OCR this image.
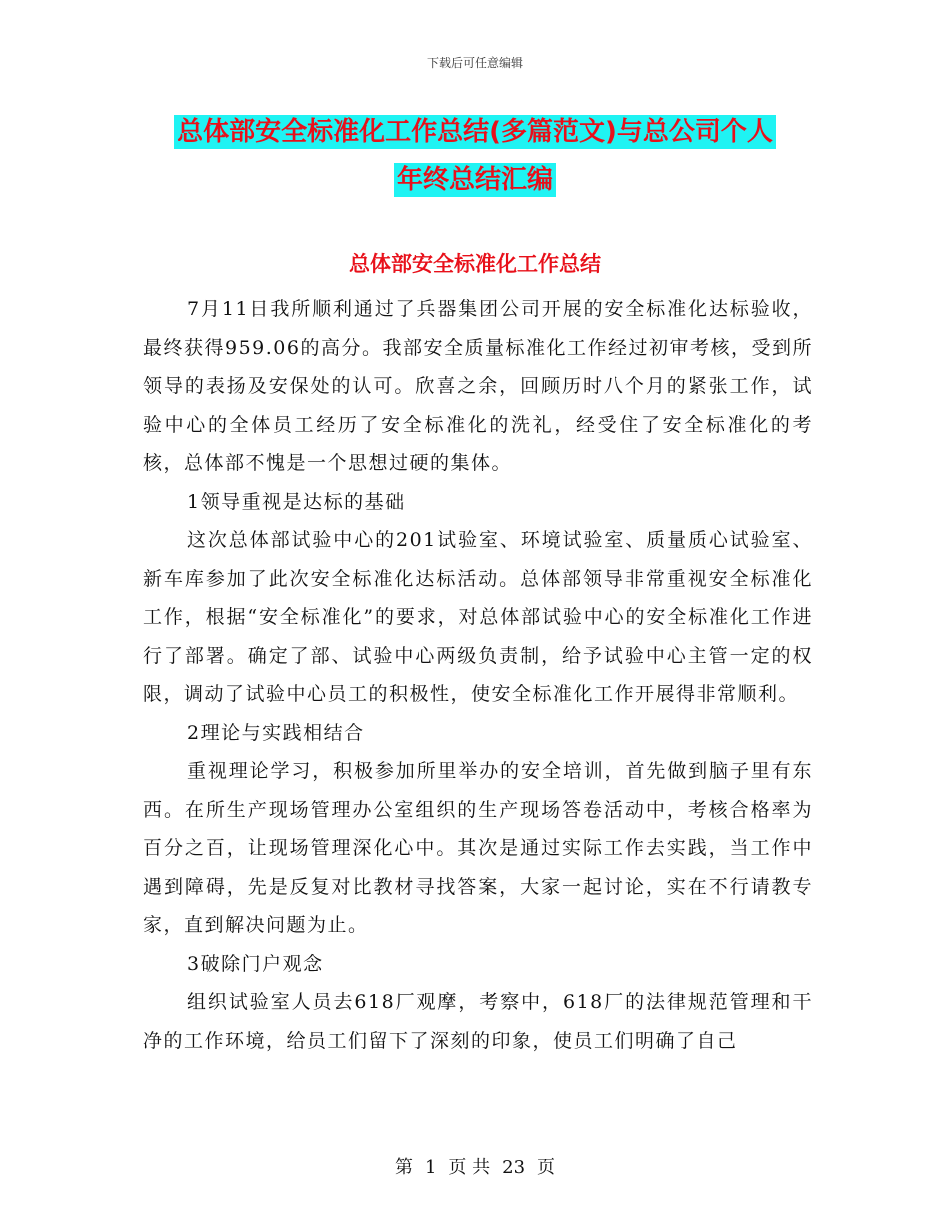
下载后可任意编辑
总体部安全标准化工作总结(多篇范文)与总公司个人
年终总结汇编
总体部安全标准化工作总结

7月11日我所顺利通过了兵器集团公司开展的安全标准化达标验收，最终获得959.06的高分。我部安全质量标准化工作经过初审考核，受到所领导的表扬及安保处的认可。欣喜之余，回顾历时八个月的紧张工作，试验中心的全体员工经历了安全标准化的洗礼，经受住了安全标准化的考核，总体部不愧是一个思想过硬的集体。

1领导重视是达标的基础

这次总体部试验中心的201试验室、环境试验室、质量质心试验室、新车库参加了此次安全标准化达标活动。总体部领导非常重视安全标准化工作，根据“安全标准化”的要求，对总体部试验中心的安全标准化工作进行了部署。确定了部、试验中心两级负责制，给予试验中心主管一定的权限，调动了试验中心员工的积极性，使安全标准化工作开展得非常顺利。

2理论与实践相结合

重视理论学习，积极参加所里举办的安全培训，首先做到脑子里有东西。在所生产现场管理办公室组织的生产现场答卷活动中，考核合格率为百分之百，让现场管理深化心中。其次是通过实际工作去实践，当工作中遇到障碍，先是反复对比教材寻找答案，大家一起讨论，实在不行请教专家，直到解决问题为止。

3破除门户观念

组织试验室人员去618厂观摩，考察中，618厂的法律规范管理和干净的工作环境，给员工们留下了深刻的印象，使员工们明确了自己

第 1 页 共 23 页
